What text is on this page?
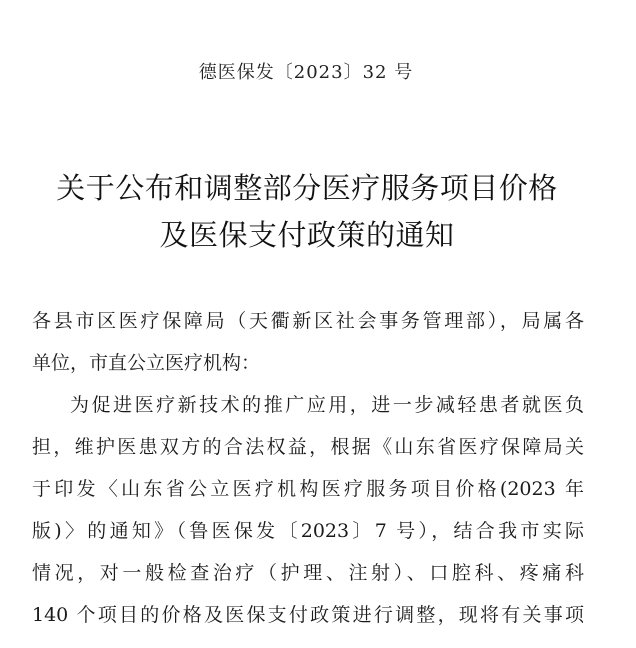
德医保发〔2023〕32 号
关于公布和调整部分医疗服务项目价格
及医保支付政策的通知
各县市区医疗保障局（天衢新区社会事务管理部），局属各
单位，市直公立医疗机构：
为促进医疗新技术的推广应用，进一步减轻患者就医负
担，维护医患双方的合法权益，根据《山东省医疗保障局关
于印发〈山东省公立医疗机构医疗服务项目价格(2023 年
版)〉的通知》（鲁医保发〔2023〕7 号），结合我市实际
情况，对一般检查治疗（护理、注射）、口腔科、疼痛科
140 个项目的价格及医保支付政策进行调整，现将有关事项
